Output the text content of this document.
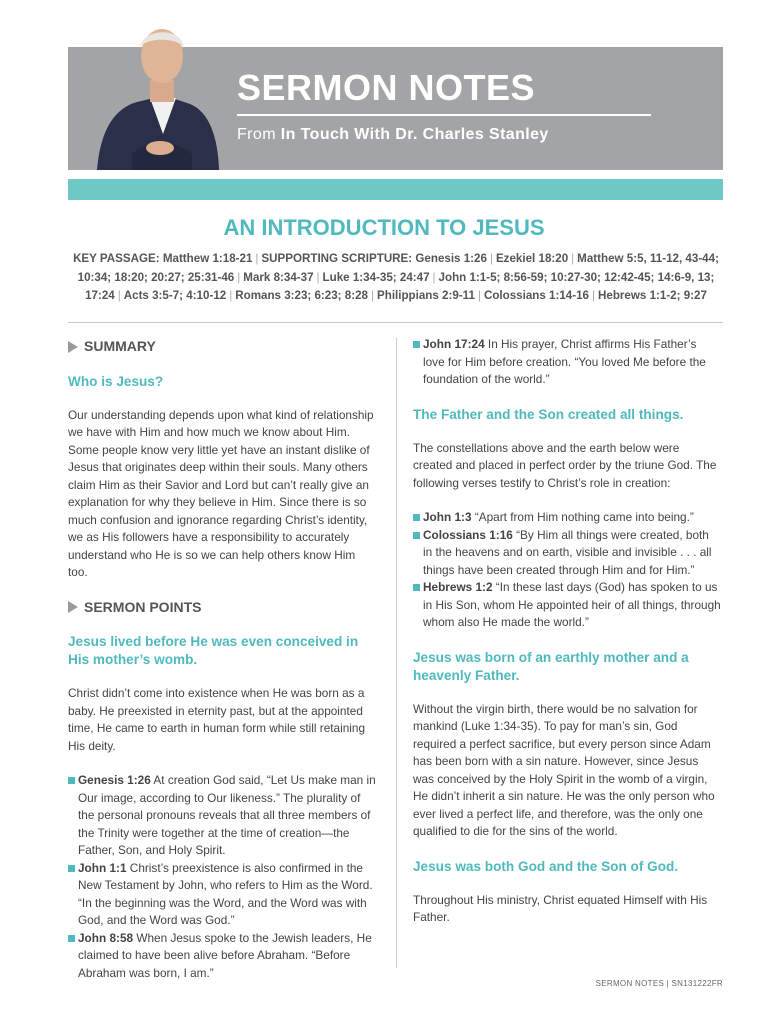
SERMON NOTES
From In Touch With Dr. Charles Stanley
AN INTRODUCTION TO JESUS
KEY PASSAGE: Matthew 1:18-21 | SUPPORTING SCRIPTURE: Genesis 1:26 | Ezekiel 18:20 | Matthew 5:5, 11-12, 43-44; 10:34; 18:20; 20:27; 25:31-46 | Mark 8:34-37 | Luke 1:34-35; 24:47 | John 1:1-5; 8:56-59; 10:27-30; 12:42-45; 14:6-9, 13; 17:24 | Acts 3:5-7; 4:10-12 | Romans 3:23; 6:23; 8:28 | Philippians 2:9-11 | Colossians 1:14-16 | Hebrews 1:1-2; 9:27
SUMMARY
Who is Jesus?

Our understanding depends upon what kind of relationship we have with Him and how much we know about Him. Some people know very little yet have an instant dislike of Jesus that originates deep within their souls. Many others claim Him as their Savior and Lord but can’t really give an explanation for why they believe in Him. Since there is so much confusion and ignorance regarding Christ’s identity, we as His followers have a responsibility to accurately understand who He is so we can help others know Him too.

SERMON POINTS
Jesus lived before He was even conceived in His mother’s womb.

Christ didn’t come into existence when He was born as a baby. He preexisted in eternity past, but at the appointed time, He came to earth in human form while still retaining His deity.

Genesis 1:26 At creation God said, “Let Us make man in Our image, according to Our likeness.” The plurality of the personal pronouns reveals that all three members of the Trinity were together at the time of creation—the Father, Son, and Holy Spirit.
John 1:1 Christ’s preexistence is also confirmed in the New Testament by John, who refers to Him as the Word. “In the beginning was the Word, and the Word was with God, and the Word was God.”
John 8:58 When Jesus spoke to the Jewish leaders, He claimed to have been alive before Abraham. “Before Abraham was born, I am.”
John 17:24 In His prayer, Christ affirms His Father’s love for Him before creation. “You loved Me before the foundation of the world.”
The Father and the Son created all things.

The constellations above and the earth below were created and placed in perfect order by the triune God. The following verses testify to Christ’s role in creation:

John 1:3 “Apart from Him nothing came into being.”
Colossians 1:16 “By Him all things were created, both in the heavens and on earth, visible and invisible . . . all things have been created through Him and for Him.”
Hebrews 1:2 “In these last days (God) has spoken to us in His Son, whom He appointed heir of all things, through whom also He made the world.”
Jesus was born of an earthly mother and a heavenly Father.

Without the virgin birth, there would be no salvation for mankind (Luke 1:34-35). To pay for man’s sin, God required a perfect sacrifice, but every person since Adam has been born with a sin nature. However, since Jesus was conceived by the Holy Spirit in the womb of a virgin, He didn’t inherit a sin nature. He was the only person who ever lived a perfect life, and therefore, was the only one qualified to die for the sins of the world.

Jesus was both God and the Son of God.

Throughout His ministry, Christ equated Himself with His Father.

SERMON NOTES | SN131222FR
